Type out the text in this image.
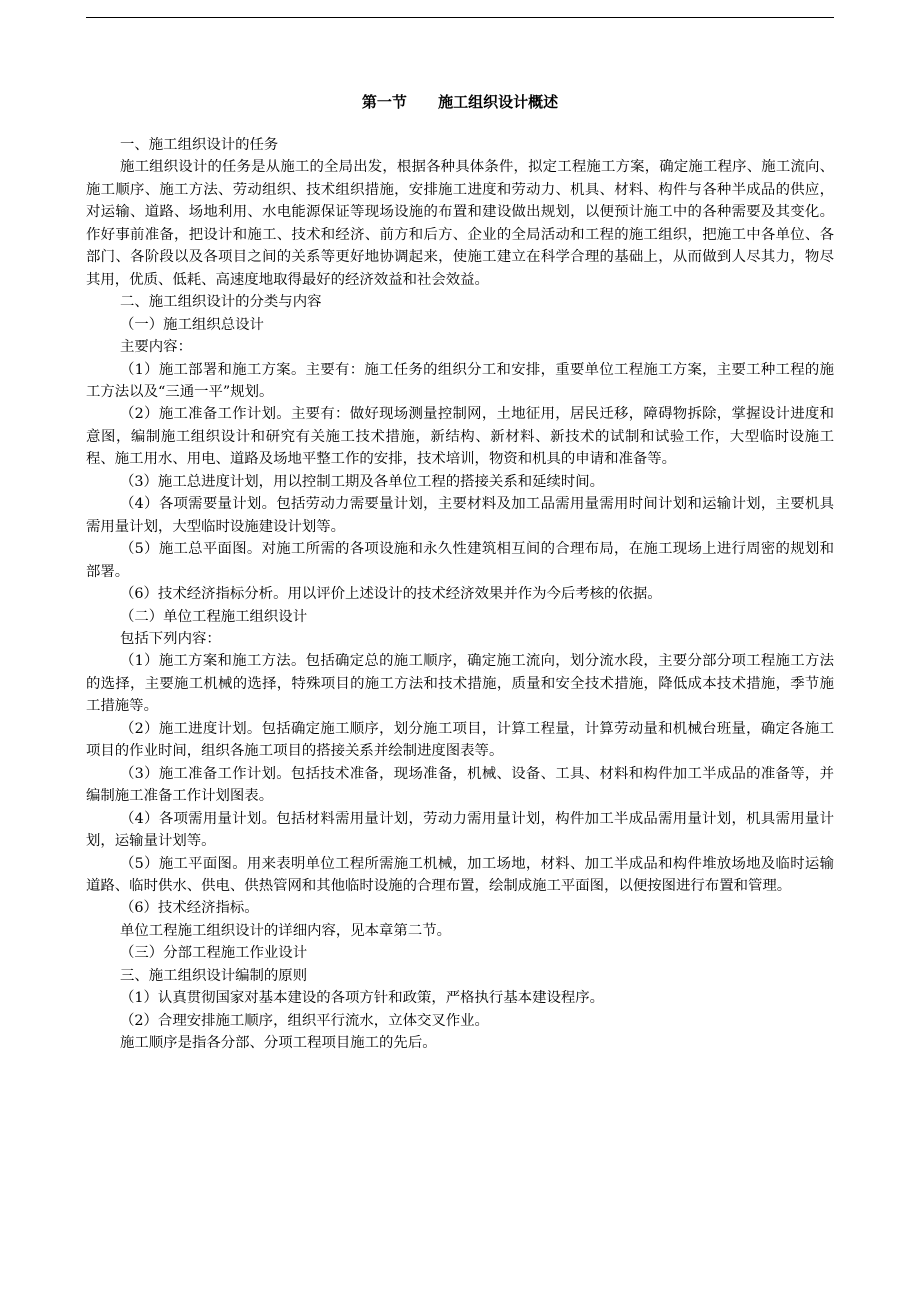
第一节      施工组织设计概述

一、施工组织设计的任务

施工组织设计的任务是从施工的全局出发，根据各种具体条件，拟定工程施工方案，确定施工程序、施工流向、施工顺序、施工方法、劳动组织、技术组织措施，安排施工进度和劳动力、机具、材料、构件与各种半成品的供应，对运输、道路、场地利用、水电能源保证等现场设施的布置和建设做出规划，以便预计施工中的各种需要及其变化。作好事前准备，把设计和施工、技术和经济、前方和后方、企业的全局活动和工程的施工组织，把施工中各单位、各部门、各阶段以及各项目之间的关系等更好地协调起来，使施工建立在科学合理的基础上，从而做到人尽其力，物尽其用，优质、低耗、高速度地取得最好的经济效益和社会效益。

二、施工组织设计的分类与内容

（一）施工组织总设计

主要内容：

（1）施工部署和施工方案。主要有：施工任务的组织分工和安排，重要单位工程施工方案，主要工种工程的施工方法以及“三通一平”规划。

（2）施工准备工作计划。主要有：做好现场测量控制网，土地征用，居民迁移，障碍物拆除，掌握设计进度和意图，编制施工组织设计和研究有关施工技术措施，新结构、新材料、新技术的试制和试验工作，大型临时设施工程、施工用水、用电、道路及场地平整工作的安排，技术培训，物资和机具的申请和准备等。

（3）施工总进度计划，用以控制工期及各单位工程的搭接关系和延续时间。

（4）各项需要量计划。包括劳动力需要量计划，主要材料及加工品需用量需用时间计划和运输计划，主要机具需用量计划，大型临时设施建设计划等。

（5）施工总平面图。对施工所需的各项设施和永久性建筑相互间的合理布局，在施工现场上进行周密的规划和部署。

（6）技术经济指标分析。用以评价上述设计的技术经济效果并作为今后考核的依据。

（二）单位工程施工组织设计

包括下列内容：

（1）施工方案和施工方法。包括确定总的施工顺序，确定施工流向，划分流水段，主要分部分项工程施工方法的选择，主要施工机械的选择，特殊项目的施工方法和技术措施，质量和安全技术措施，降低成本技术措施，季节施工措施等。

（2）施工进度计划。包括确定施工顺序，划分施工项目，计算工程量，计算劳动量和机械台班量，确定各施工项目的作业时间，组织各施工项目的搭接关系并绘制进度图表等。

（3）施工准备工作计划。包括技术准备，现场准备，机械、设备、工具、材料和构件加工半成品的准备等，并编制施工准备工作计划图表。

（4）各项需用量计划。包括材料需用量计划，劳动力需用量计划，构件加工半成品需用量计划，机具需用量计划，运输量计划等。

（5）施工平面图。用来表明单位工程所需施工机械，加工场地，材料、加工半成品和构件堆放场地及临时运输道路、临时供水、供电、供热管网和其他临时设施的合理布置，绘制成施工平面图，以便按图进行布置和管理。

（6）技术经济指标。

单位工程施工组织设计的详细内容，见本章第二节。

（三）分部工程施工作业设计

三、施工组织设计编制的原则

（1）认真贯彻国家对基本建设的各项方针和政策，严格执行基本建设程序。

（2）合理安排施工顺序，组织平行流水，立体交叉作业。

施工顺序是指各分部、分项工程项目施工的先后。
